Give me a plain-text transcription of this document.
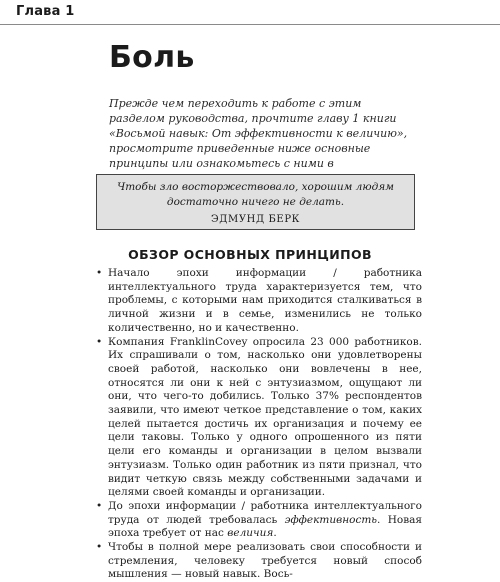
Глава 1
Боль
Прежде чем переходить к работе с этим разделом руководства, прочтите главу 1 книги «Восьмой навык: От эффективности к величию», просмотрите приведенные ниже основные принципы или ознакомьтесь с ними в
Чтобы зло восторжествовало, хорошим людям достаточно ничего не делать.
ЭДМУНД БЕРК
ОБЗОР ОСНОВНЫХ ПРИНЦИПОВ
• Начало эпохи информации / работника интеллектуального труда характеризуется тем, что проблемы, с которыми нам приходится сталкиваться в личной жизни и в семье, изменились не только количественно, но и качественно.
• Компания FranklinCovey опросила 23 000 работников. Их спрашивали о том, насколько они удовлетворены своей работой, насколько они вовлечены в нее, относятся ли они к ней с энтузиазмом, ощущают ли они, что чего-то добились. Только 37% респондентов заявили, что имеют четкое представление о том, каких целей пытается достичь их организация и почему ее цели таковы. Только у одного опрошенного из пяти цели его команды и организации в целом вызвали энтузиазм. Только один работник из пяти признал, что видит четкую связь между собственными задачами и целями своей команды и организации.
• До эпохи информации / работника интеллектуального труда от людей требовалась эффективность. Новая эпоха требует от нас величия.
• Чтобы в полной мере реализовать свои способности и стремления, человеку требуется новый способ мышления — новый навык. Вось-
